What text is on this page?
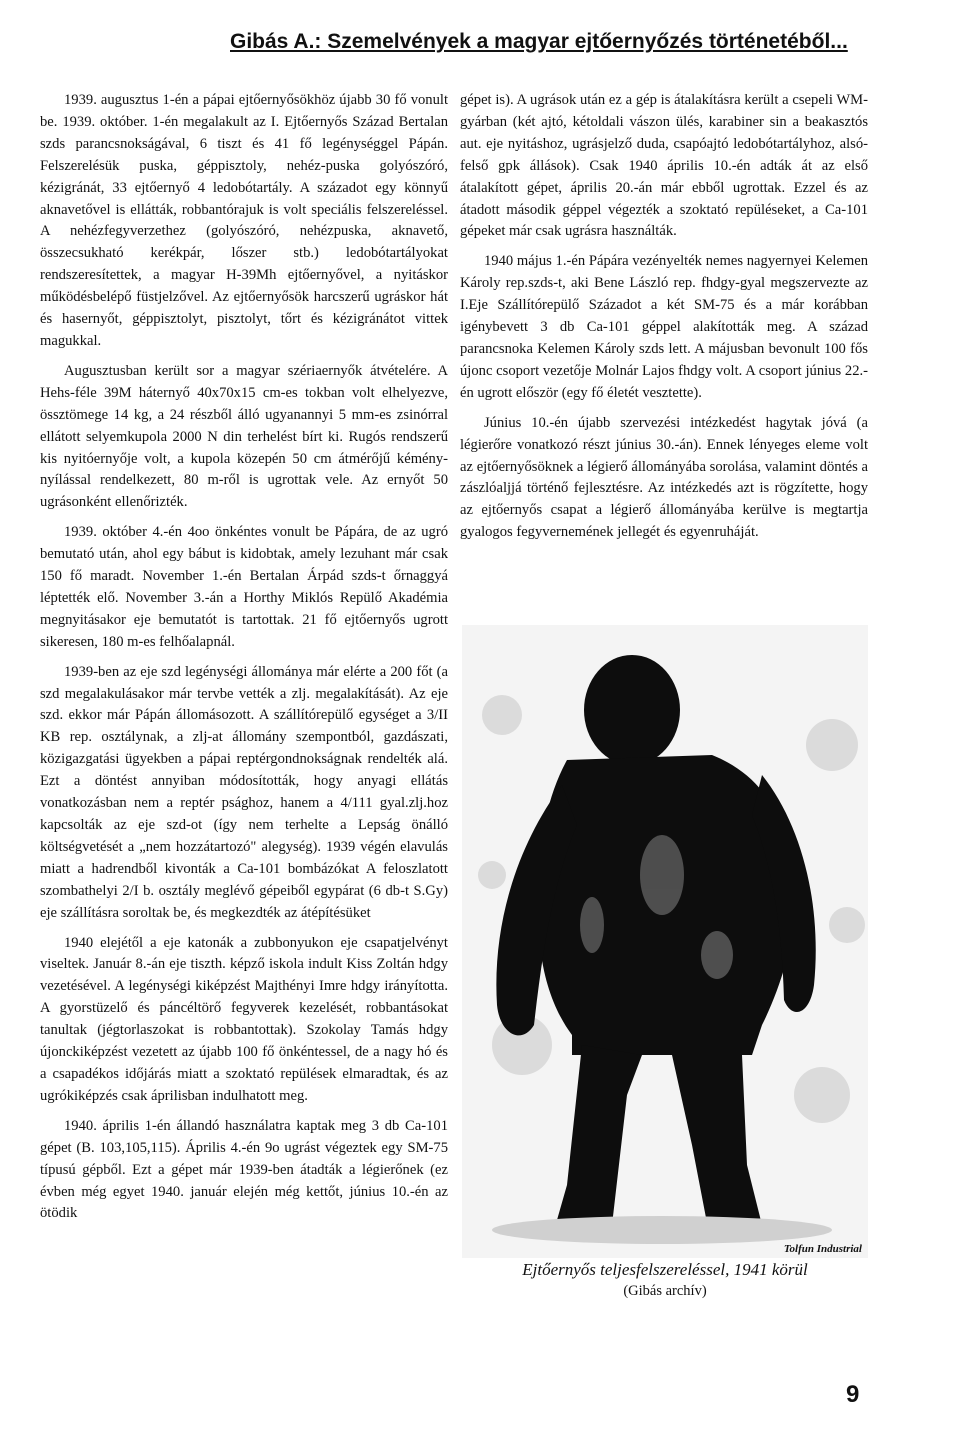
Gibás A.: Szemelvények a magyar ejtőernyőzés történetéből...

1939. augusztus 1-én a pápai ejtőernyősökhöz újabb 30 fő vonult be. 1939. október. 1-én megalakult az I. Ejtőernyős Század Bertalan szds parancsnokságával, 6 tiszt és 41 fő legénységgel Pápán. Felszerelésük puska, géppisztoly, nehéz-puska golyószóró, kézigránát, 33 ejtőernyő 4 ledobótartály. A századot egy könnyű aknavetővel is ellátták, robbantórajuk is volt speciális felszereléssel. A nehézfegyverzethez (golyószóró, nehézpuska, aknavető, összecsukható kerékpár, lőszer stb.) ledobótartályokat rendszeresítettek, a magyar H-39Mh ejtőernyővel, a nyitáskor működésbelépő füstjelzővel. Az ejtőernyősök harcszerű ugráskor hát és hasernyőt, géppisztolyt, pisztolyt, tőrt és kézigránátot vittek magukkal.

Augusztusban került sor a magyar szériaernyők átvételére. A Hehs-féle 39M háternyő 40x70x15 cm-es tokban volt elhelyezve, össztömege 14 kg, a 24 részből álló ugyanannyi 5 mm-es zsinórral ellátott selyemkupola 2000 N din terhelést bírt ki. Rugós rendszerű kis nyitóernyője volt, a kupola közepén 50 cm átmérőjű kémény-nyílással rendelkezett, 80 m-ről is ugrottak vele. Az ernyőt 50 ugrásonként ellenőrizték.

1939. október 4.-én 4oo önkéntes vonult be Pápára, de az ugró bemutató után, ahol egy bábut is kidobtak, amely lezuhant már csak 150 fő maradt. November 1.-én Bertalan Árpád szds-t őrnaggyá léptették elő. November 3.-án a Horthy Miklós Repülő Akadémia megnyitásakor eje bemutatót is tartottak. 21 fő ejtőernyős ugrott sikeresen, 180 m-es felhőalapnál.

1939-ben az eje szd legénységi állománya már elérte a 200 főt (a szd megalakulásakor már tervbe vették a zlj. megalakítását). Az eje szd. ekkor már Pápán állomásozott. A szállítórepülő egységet a 3/II KB rep. osztálynak, a zlj-at állomány szempontból, gazdászati, közigazgatási ügyekben a pápai reptérgondnokságnak rendelték alá. Ezt a döntést annyiban módosították, hogy anyagi ellátás vonatkozásban nem a reptér psághoz, hanem a 4/111 gyal.zlj.hoz kapcsolták az eje szd-ot (így nem terhelte a Lepság önálló költségvetését a „nem hozzátartozó" alegység). 1939 végén elavulás miatt a hadrendből kivonták a Ca-101 bombázókat A feloszlatott szombathelyi 2/I b. osztály meglévő gépeiből egypárat (6 db-t S.Gy) eje szállításra soroltak be, és megkezdték az átépítésüket

1940 elejétől a eje katonák a zubbonyukon eje csapatjelvényt viseltek. Január 8.-án eje tiszth. képző iskola indult Kiss Zoltán hdgy vezetésével. A legénységi kiképzést Majthényi Imre hdgy irányította. A gyorstüzelő és páncéltörő fegyverek kezelését, robbantásokat tanultak (jégtorlaszokat is robbantottak). Szokolay Tamás hdgy újonckiképzést vezetett az újabb 100 fő önkéntessel, de a nagy hó és a csapadékos időjárás miatt a szoktató repülések elmaradtak, és az ugrókiképzés csak áprilisban indulhatott meg.

1940. április 1-én állandó használatra kaptak meg 3 db Ca-101 gépet (B. 103,105,115). Április 4.-én 9o ugrást végeztek egy SM-75 típusú gépből. Ezt a gépet már 1939-ben átadták a légierőnek (ez évben még egyet 1940. január elején még kettőt, június 10.-én az ötödik

gépet is). A ugrások után ez a gép is átalakításra került a csepeli WM-gyárban (két ajtó, kétoldali vászon ülés, karabiner sin a beakasztós aut. eje nyitáshoz, ugrásjelző duda, csapóajtó ledobótartályhoz, alsó-felső gpk állások). Csak 1940 április 10.-én adták át az első átalakított gépet, április 20.-án már ebből ugrottak. Ezzel és az átadott második géppel végezték a szoktató repüléseket, a Ca-101 gépeket már csak ugrásra használták.

1940 május 1.-én Pápára vezényelték nemes nagyernyei Kelemen Károly rep.szds-t, aki Bene László rep. fhdgy-gyal megszervezte az I.Eje Szállítórepülő Századot a két SM-75 és a már korábban igénybevett 3 db Ca-101 géppel alakították meg. A század parancsnoka Kelemen Károly szds lett. A májusban bevonult 100 fős újonc csoport vezetője Molnár Lajos fhdgy volt. A csoport június 22.-én ugrott először (egy fő életét vesztette).

Június 10.-én újabb szervezési intézkedést hagytak jóvá (a légierőre vonatkozó részt június 30.-án). Ennek lényeges eleme volt az ejtőernyősöknek a légierő állományába sorolása, valamint döntés a zászlóaljjá történő fejlesztésre. Az intézkedés azt is rögzítette, hogy az ejtőernyős csapat a légierő állományába kerülve is megtartja gyalogos fegyvernemének jellegét és egyenruháját.

Tolfun Industrial
Ejtőernyős teljesfelszereléssel, 1941 körül
(Gibás archív)
9
